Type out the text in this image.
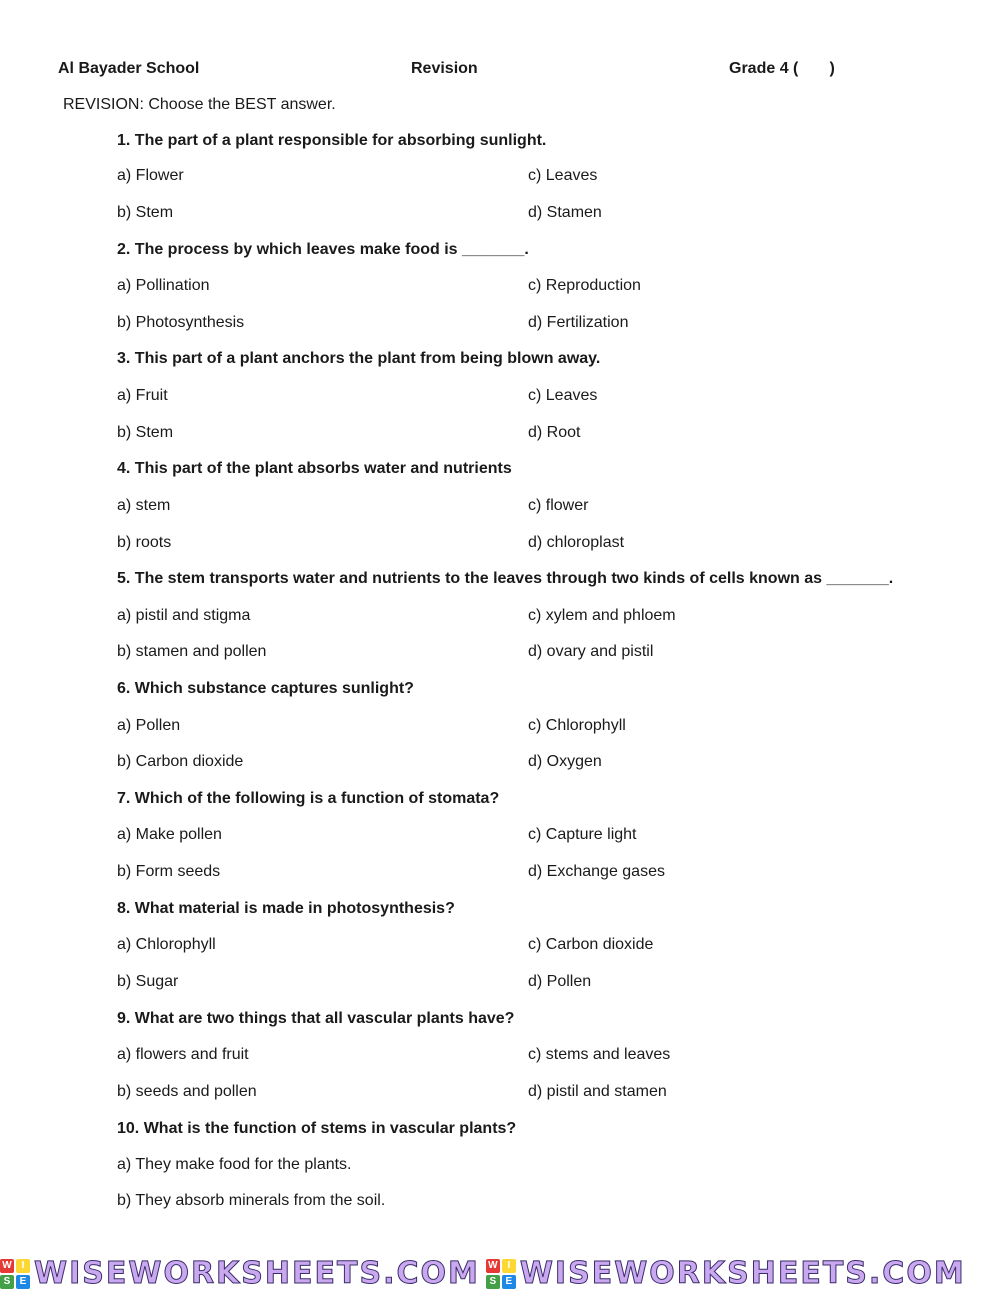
Al Bayader School	Revision	Grade 4 (       )
REVISION: Choose the BEST answer.
1. The part of a plant responsible for absorbing sunlight.
a) Flower	c) Leaves
b) Stem	d) Stamen
2. The process by which leaves make food is _______.
a) Pollination	c) Reproduction
b) Photosynthesis	d) Fertilization
3. This part of a plant anchors the plant from being blown away.
a) Fruit	c) Leaves
b) Stem	d) Root
4. This part of the plant absorbs water and nutrients
a) stem	c) flower
b) roots	d) chloroplast
5. The stem transports water and nutrients to the leaves through two kinds of cells known as _______.
a) pistil and stigma	c) xylem and phloem
b) stamen and pollen	d) ovary and pistil
6. Which substance captures sunlight?
a) Pollen	c) Chlorophyll
b) Carbon dioxide	d) Oxygen
7. Which of the following is a function of stomata?
a) Make pollen	c) Capture light
b) Form seeds	d) Exchange gases
8. What material is made in photosynthesis?
a) Chlorophyll	c) Carbon dioxide
b) Sugar	d) Pollen
9. What are two things that all vascular plants have?
a) flowers and fruit	c) stems and leaves
b) seeds and pollen	d) pistil and stamen
10. What is the function of stems in vascular plants?
a) They make food for the plants.
b) They absorb minerals from the soil.
W I
S E WISEWORKSHEETS.COM W I
S E WISEWORKSHEETS.COM
